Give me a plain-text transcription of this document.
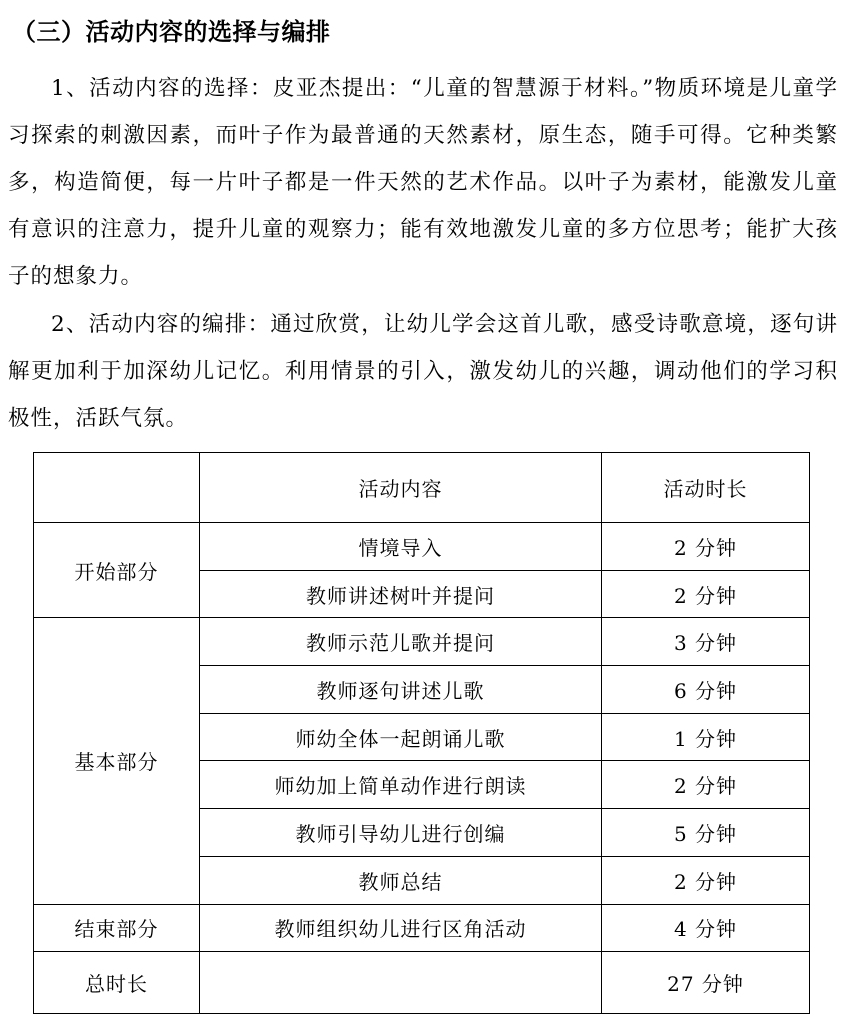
（三）活动内容的选择与编排

1、活动内容的选择：皮亚杰提出：“儿童的智慧源于材料。”物质环境是儿童学习探索的刺激因素，而叶子作为最普通的天然素材，原生态，随手可得。它种类繁多，构造简便，每一片叶子都是一件天然的艺术作品。以叶子为素材，能激发儿童有意识的注意力，提升儿童的观察力；能有效地激发儿童的多方位思考；能扩大孩子的想象力。

2、活动内容的编排：通过欣赏，让幼儿学会这首儿歌，感受诗歌意境，逐句讲解更加利于加深幼儿记忆。利用情景的引入，激发幼儿的兴趣，调动他们的学习积极性，活跃气氛。

	活动内容	活动时长
开始部分	情境导入	2 分钟
	教师讲述树叶并提问	2 分钟
基本部分	教师示范儿歌并提问	3 分钟
	教师逐句讲述儿歌	6 分钟
	师幼全体一起朗诵儿歌	1 分钟
	师幼加上简单动作进行朗读	2 分钟
	教师引导幼儿进行创编	5 分钟
	教师总结	2 分钟
结束部分	教师组织幼儿进行区角活动	4 分钟
总时长		27 分钟
